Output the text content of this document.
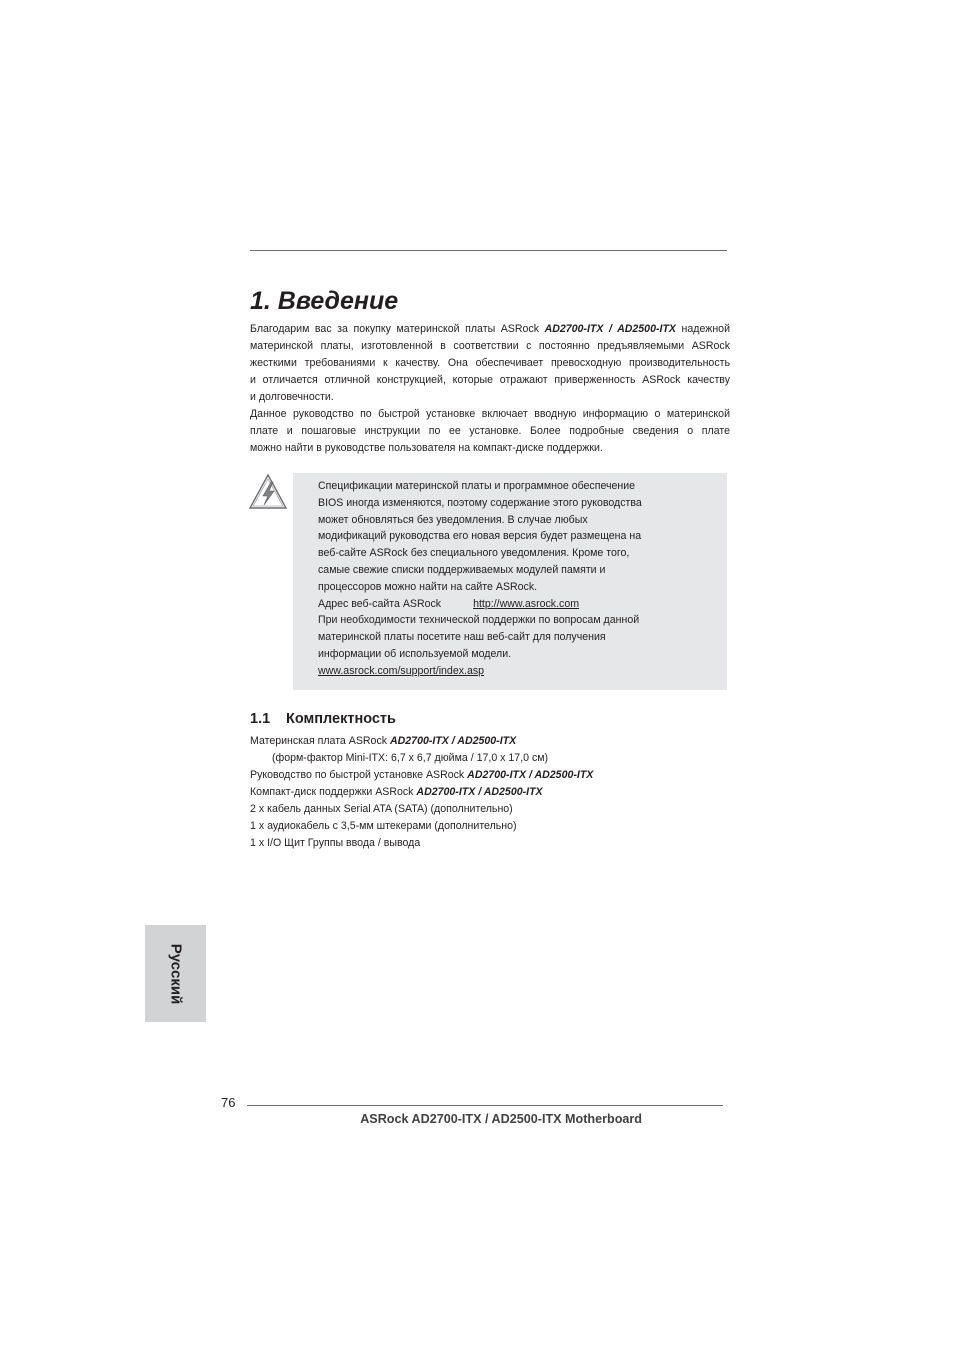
1. Введение
Благодарим вас за покупку материнской платы ASRock AD2700-ITX / AD2500-ITX надежной
материнской платы, изготовленной в соответствии с постоянно предъявляемыми ASRock
жесткими требованиями к качеству. Она обеспечивает превосходную производительность
и отличается отличной конструкцией, которые отражают приверженность ASRock качеству
и долговечности.
Данное руководство по быстрой установке включает вводную информацию о материнской
плате и пошаговые инструкции по ее установке. Более подробные сведения о плате
можно найти в руководстве пользователя на компакт-диске поддержки.
Спецификации материнской платы и программное обеспечение
BIOS иногда изменяются, поэтому содержание этого руководства
может обновляться без уведомления. В случае любых
модификаций руководства его новая версия будет размещена на
веб-сайте ASRock без специального уведомления. Кроме того,
самые свежие списки поддерживаемых модулей памяти и
процессоров можно найти на сайте ASRock.
Адрес веб-сайта ASRock	http://www.asrock.com
При необходимости технической поддержки по вопросам данной
материнской платы посетите наш веб-сайт для получения
информации об используемой модели.
www.asrock.com/support/index.asp
1.1 Комплектность
Материнская плата ASRock AD2700-ITX / AD2500-ITX
(форм-фактор Mini-ITX: 6,7 x 6,7 дюйма / 17,0 x 17,0 см)
Руководство по быстрой установке ASRock AD2700-ITX / AD2500-ITX
Компакт-диск поддержки ASRock AD2700-ITX / AD2500-ITX
2 x кабель данных Serial ATA (SATA) (дополнительно)
1 x аудиокабель с 3,5-мм штекерами (дополнительно)
1 x I/O Щит Группы ввода / вывода
Русский
76
ASRock AD2700-ITX / AD2500-ITX Motherboard
